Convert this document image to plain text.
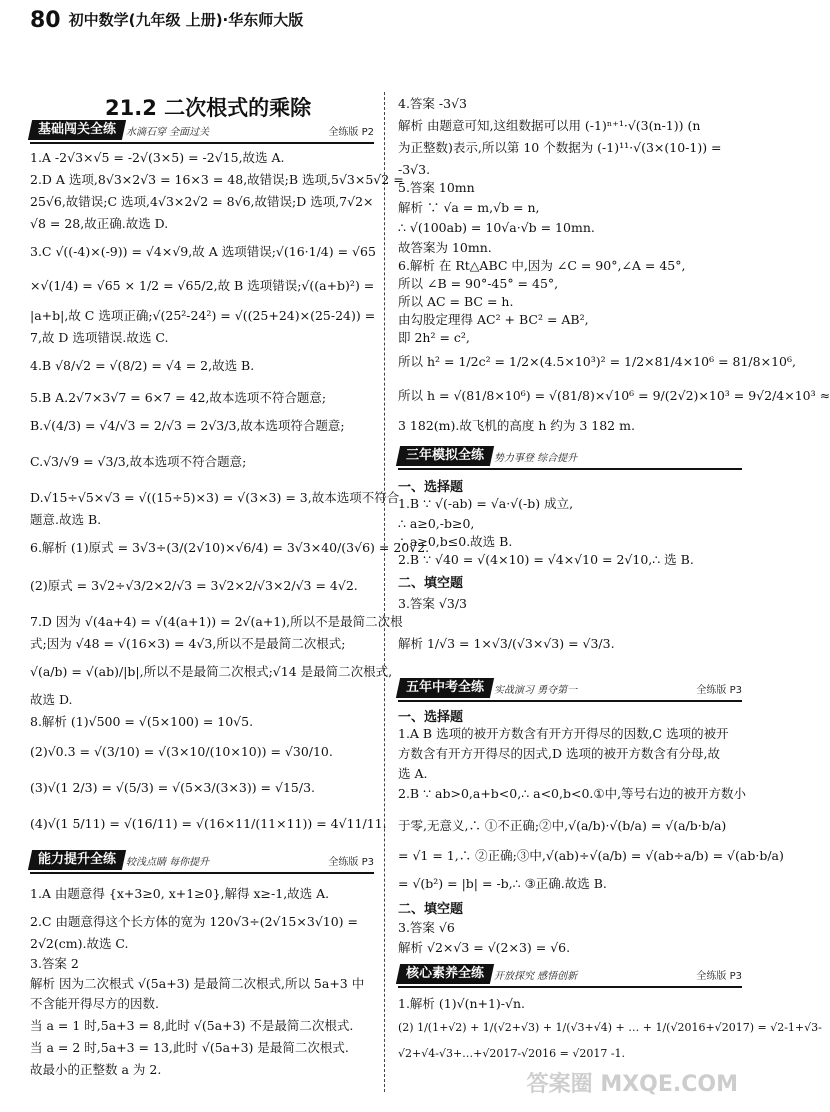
80 初中数学(九年级 上册)·华东师大版
21.2 二次根式的乘除
基础闯关全练 水滴石穿 全面过关	全练版 P2
1.A -2√3×√5 = -2√(3×5) = -2√15,故选 A.
2.D A 选项,8√3×2√3 = 16×3 = 48,故错误;B 选项,5√3×5√2 =
25√6,故错误;C 选项,4√3×2√2 = 8√6,故错误;D 选项,7√2×
√8 = 28,故正确.故选 D.
3.C √((-4)×(-9)) = √4×√9,故 A 选项错误;√(16·1/4) = √65
×√(1/4) = √65 × 1/2 = √65/2,故 B 选项错误;√((a+b)²) =
|a+b|,故 C 选项正确;√(25²-24²) = √((25+24)×(25-24)) =
7,故 D 选项错误.故选 C.
4.B √8/√2 = √(8/2) = √4 = 2,故选 B.
5.B A.2√7×3√7 = 6×7 = 42,故本选项不符合题意;
B.√(4/3) = √4/√3 = 2/√3 = 2√3/3,故本选项符合题意;
C.√3/√9 = √3/3,故本选项不符合题意;
D.√15÷√5×√3 = √((15÷5)×3) = √(3×3) = 3,故本选项不符合
题意.故选 B.
6.解析 (1)原式 = 3√3÷(3/(2√10)×√6/4) = 3√3×40/(3√6) = 20√2.
(2)原式 = 3√2÷√3/2×2/√3 = 3√2×2/√3×2/√3 = 4√2.
7.D 因为 √(4a+4) = √(4(a+1)) = 2√(a+1),所以不是最简二次根
式;因为 √48 = √(16×3) = 4√3,所以不是最简二次根式;
√(a/b) = √(ab)/|b|,所以不是最简二次根式;√14 是最简二次根式,
故选 D.
8.解析 (1)√500 = √(5×100) = 10√5.
(2)√0.3 = √(3/10) = √(3×10/(10×10)) = √30/10.
(3)√(1 2/3) = √(5/3) = √(5×3/(3×3)) = √15/3.
(4)√(1 5/11) = √(16/11) = √(16×11/(11×11)) = 4√11/11.
能力提升全练 较浅点睛 每你提升	全练版 P3
1.A 由题意得 {x+3≥0, x+1≥0},解得 x≥-1,故选 A.
2.C 由题意得这个长方体的宽为 120√3÷(2√15×3√10) =
2√2(cm).故选 C.
3.答案 2
解析 因为二次根式 √(5a+3) 是最简二次根式,所以 5a+3 中
不含能开得尽方的因数.
当 a = 1 时,5a+3 = 8,此时 √(5a+3) 不是最简二次根式.
当 a = 2 时,5a+3 = 13,此时 √(5a+3) 是最简二次根式.
故最小的正整数 a 为 2.
4.答案 -3√3
解析 由题意可知,这组数据可以用 (-1)ⁿ⁺¹·√(3(n-1)) (n
为正整数)表示,所以第 10 个数据为 (-1)¹¹·√(3×(10-1)) =
-3√3.
5.答案 10mn
解析 ∵ √a = m,√b = n,
∴ √(100ab) = 10√a·√b = 10mn.
故答案为 10mn.
6.解析 在 Rt△ABC 中,因为 ∠C = 90°,∠A = 45°,
所以 ∠B = 90°-45° = 45°,
所以 AC = BC = h.
由勾股定理得 AC² + BC² = AB²,
即 2h² = c²,
所以 h² = 1/2c² = 1/2×(4.5×10³)² = 1/2×81/4×10⁶ = 81/8×10⁶,
所以 h = √(81/8×10⁶) = √(81/8)×√10⁶ = 9/(2√2)×10³ = 9√2/4×10³ ≈
3 182(m).故飞机的高度 h 约为 3 182 m.
三年模拟全练 势力事登 综合提升
一、选择题
1.B ∵ √(-ab) = √a·√(-b) 成立,
∴ a≥0,-b≥0,
∴ a≥0,b≤0.故选 B.
2.B ∵ √40 = √(4×10) = √4×√10 = 2√10,∴ 选 B.
二、填空题
3.答案 √3/3
解析 1/√3 = 1×√3/(√3×√3) = √3/3.
五年中考全练 实战演习 勇夺第一	全练版 P3
一、选择题
1.A B 选项的被开方数含有开方开得尽的因数,C 选项的被开
方数含有开方开得尽的因式,D 选项的被开方数含有分母,故
选 A.
2.B ∵ ab>0,a+b<0,∴ a<0,b<0.①中,等号右边的被开方数小
于零,无意义,∴ ①不正确;②中,√(a/b)·√(b/a) = √(a/b·b/a)
= √1 = 1,∴ ②正确;③中,√(ab)÷√(a/b) = √(ab÷a/b) = √(ab·b/a)
= √(b²) = |b| = -b,∴ ③正确.故选 B.
二、填空题
3.答案 √6
解析 √2×√3 = √(2×3) = √6.
核心素养全练 开放探究 感悟创新	全练版 P3
1.解析 (1)√(n+1)-√n.
(2) 1/(1+√2) + 1/(√2+√3) + 1/(√3+√4) + … + 1/(√2016+√2017) = √2-1+√3-
√2+√4-√3+…+√2017-√2016 = √2017 -1.
答案圈 MXQE.COM
